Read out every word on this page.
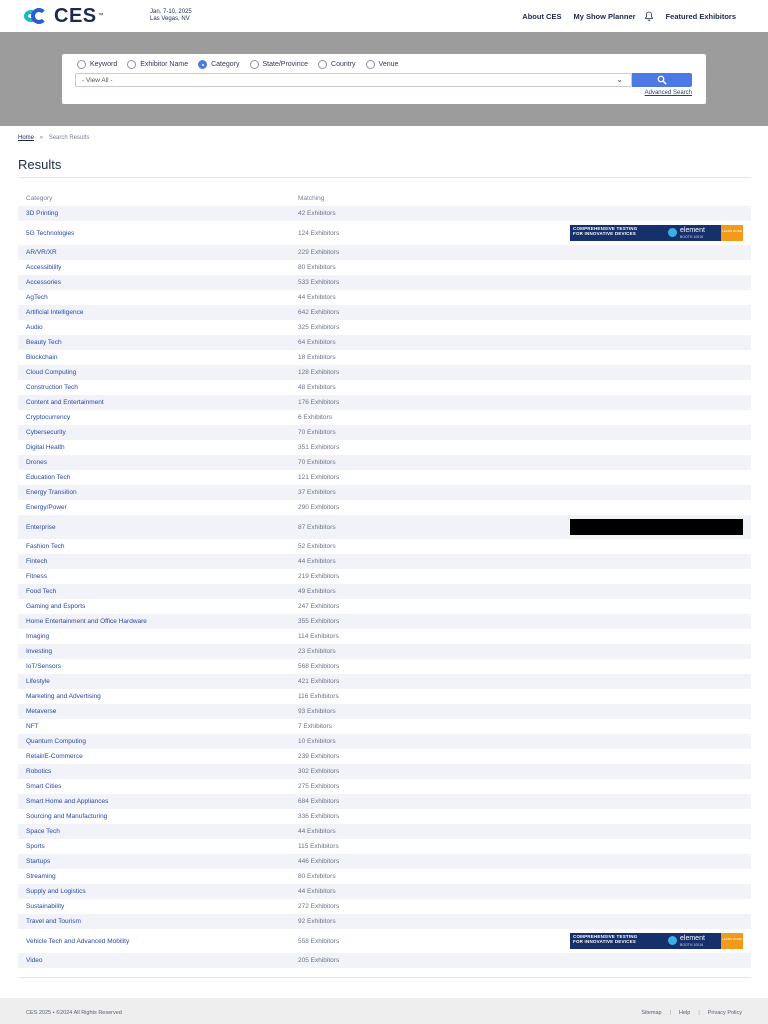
CES ™
Jan. 7-10, 2025
Las Vegas, NV	About CES My Show Planner	Featured Exhibitors
Keyword	Exhibitor Name	Category	State/Province	Country	Venue
- View All -	⌄
Advanced Search
Home » Search Results
Results
Category	Matching
3D Printing	42 Exhibitors
5G Technologies	124 Exhibitors
COMPREHENSIVE TESTING
FOR INNOVATIVE DEVICES	element
BOOTH 10016
LEARN MORE
AR/VR/XR	229 Exhibitors
Accessibility	80 Exhibitors
Accessories	533 Exhibitors
AgTech	44 Exhibitors
Artificial Intelligence	642 Exhibitors
Audio	325 Exhibitors
Beauty Tech	64 Exhibitors
Blockchain	18 Exhibitors
Cloud Computing	128 Exhibitors
Construction Tech	48 Exhibitors
Content and Entertainment	176 Exhibitors
Cryptocurrency	6 Exhibitors
Cybersecurity	70 Exhibitors
Digital Health	351 Exhibitors
Drones	70 Exhibitors
Education Tech	121 Exhibitors
Energy Transition	37 Exhibitors
Energy/Power	290 Exhibitors
Enterprise	87 Exhibitors
Fashion Tech	52 Exhibitors
Fintech	44 Exhibitors
Fitness	219 Exhibitors
Food Tech	49 Exhibitors
Gaming and Esports	247 Exhibitors
Home Entertainment and Office Hardware	355 Exhibitors
Imaging	114 Exhibitors
Investing	23 Exhibitors
IoT/Sensors	568 Exhibitors
Lifestyle	421 Exhibitors
Marketing and Advertising	116 Exhibitors
Metaverse	93 Exhibitors
NFT	7 Exhibitors
Quantum Computing	10 Exhibitors
Retail/E-Commerce	239 Exhibitors
Robotics	302 Exhibitors
Smart Cities	275 Exhibitors
Smart Home and Appliances	684 Exhibitors
Sourcing and Manufacturing	336 Exhibitors
Space Tech	44 Exhibitors
Sports	115 Exhibitors
Startups	446 Exhibitors
Streaming	80 Exhibitors
Supply and Logistics	44 Exhibitors
Sustainability	272 Exhibitors
Travel and Tourism	92 Exhibitors
Vehicle Tech and Advanced Mobility	558 Exhibitors
COMPREHENSIVE TESTING
FOR INNOVATIVE DEVICES	element
BOOTH 10016
LEARN MORE
Video	205 Exhibitors
CES 2025 • ©2024 All Rights Reserved	Sitemap | Help | Privacy Policy
